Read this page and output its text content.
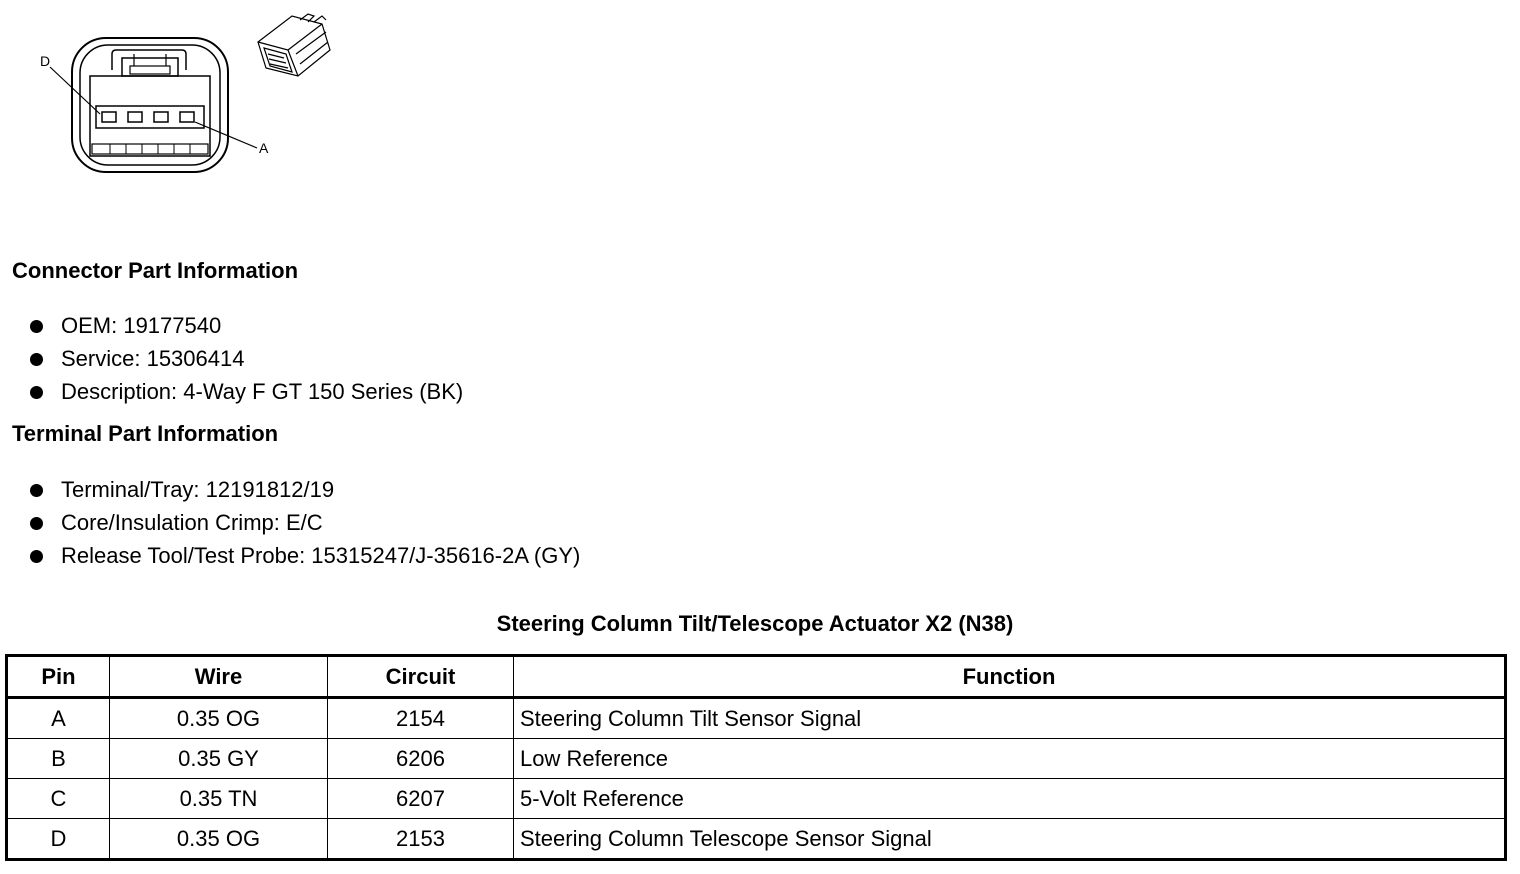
D
A
Connector Part Information
OEM: 19177540
Service: 15306414
Description: 4-Way F GT 150 Series (BK)
Terminal Part Information
Terminal/Tray: 12191812/19
Core/Insulation Crimp: E/C
Release Tool/Test Probe: 15315247/J-35616-2A (GY)
Steering Column Tilt/Telescope Actuator X2 (N38)
Pin	Wire	Circuit	Function
A	0.35 OG	2154	Steering Column Tilt Sensor Signal
B	0.35 GY	6206	Low Reference
C	0.35 TN	6207	5-Volt Reference
D	0.35 OG	2153	Steering Column Telescope Sensor Signal
